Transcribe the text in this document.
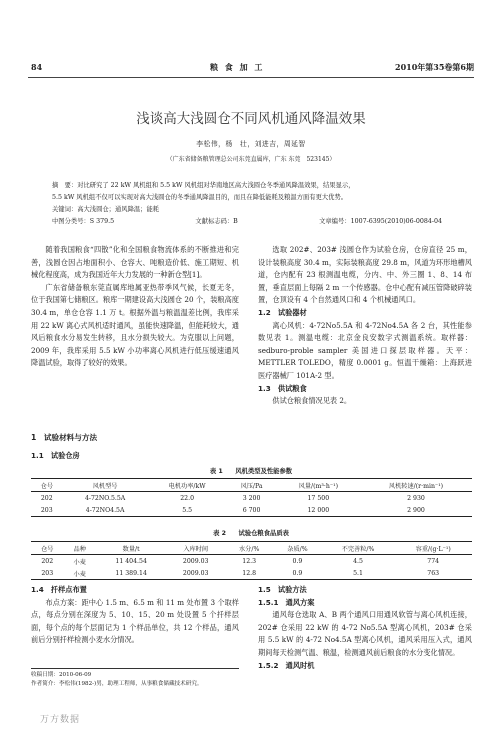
84	粮 食 加 工	2010年第35卷第6期
浅谈高大浅圆仓不同风机通风降温效果
李松伟，杨　壮，刘进吉，周延智
（广东省储备粮管理总公司东莞直属库，广东 东莞　523145）
摘　要：对比研究了 22 kW 风机组和 5.5 kW 风机组对华南地区高大浅圆仓冬季通风降温效果，结果显示，
5.5 kW 风机组不仅可以实现对高大浅圆仓的冬季通风降温目的，而且在降低能耗及粮温方面有更大优势。
关键词：高大浅圆仓；通风降温；能耗
中图分类号：S 379.5	文献标志码：B	文章编号：1007-6395(2010)06-0084-04

随着我国粮食“四散”化和全国粮食物流体系的不断推进和完善，浅圆仓因占地面积小、仓容大、吨粮造价低、施工期短、机械化程度高，成为我国近年大力发展的一种新仓型[1]。

广东省储备粮东莞直属库地属亚热带季风气候，长夏无冬，位于我国第七储粮区。粮库一期建设高大浅圆仓 20 个，装粮高度 30.4 m，单仓仓容 1.1 万 t。根据外温与粮温温差比例，我库采用 22 kW 离心式风机适时通风，虽能快速降温，但能耗较大，通风后粮食水分易发生转移，且水分损失较大。为克服以上问题，2009 年，我库采用 5.5 kW 小功率离心风机进行低压缓速通风降温试验，取得了较好的效果。

1　试验材料与方法
1.1　试验仓房

选取 202#、203# 浅圆仓作为试验仓房，仓房直径 25 m，设计装粮高度 30.4 m，实际装粮高度 29.8 m，风道为环形地槽风道，仓内配有 23 根测温电缆，分内、中、外三圈 1、8、14 布置，垂直层面上每隔 2 m 一个传感器。仓中心配有减压管降破碎装置，仓顶设有 4 个自然通风口和 4 个机械通风口。

1.2　试验器材

离心风机：4-72No5.5A 和 4-72No4.5A 各 2 台，其性能参数见表 1。测温电缆：北京金良安数字式测温系统。取样器：sedburo-proble sampler 美国进口探层取样器。天平：METTLER TOLEDO，精度 0.0001 g。恒温干燥箱：上海跃进医疗器械厂 101A-2 型。

1.3　供试粮食

供试仓粮食情况见表 2。

表 1　　风机类型及性能参数
仓号	风机型号	电机功率/kW	风压/Pa	风量/(m³·h⁻¹)	风机转速/(r·min⁻¹)
202	4-72NO.5.5A	22.0	3 200	17 500	2 930
203	4-72NO4.5A	5.5	6 700	12 000	2 900
表 2　　试验仓粮食品质表
仓号	品种	数量/t	入库时间	水分/%	杂质/%	不完善粒/%	容重/(g·L⁻¹)
202	小麦	11 404.54	2009.03	12.3	0.9	4.5	774
203	小麦	11 389.14	2009.03	12.8	0.9	5.1	763
1.4　扦样点布置

布点方案：距中心 1.5 m、6.5 m 和 11 m 处布置 3 个取样点，每点分别在深度为 5、10、15、20 m 处设置 5 个扦样层面，每个点的每个层面记为 1 个样品单位，共 12 个样品，通风前后分别扦样检测小麦水分情况。

收稿日期：2010-06-09
作者简介：李松伟(1982-)男，助理工程师，从事粮食储藏技术研究。
1.5　试验方法
1.5.1　通风方案

通风每仓选取 A、B 两个通风口用通风软管与离心风机连接，202# 仓采用 22 kW 的 4-72 No5.5A 型离心风机，203# 仓采用 5.5 kW 的 4-72 No4.5A 型离心风机，通风采用压入式，通风期间每天检测气温、粮温，检测通风前后粮食的水分变化情况。

1.5.2　通风时机
万方数据
